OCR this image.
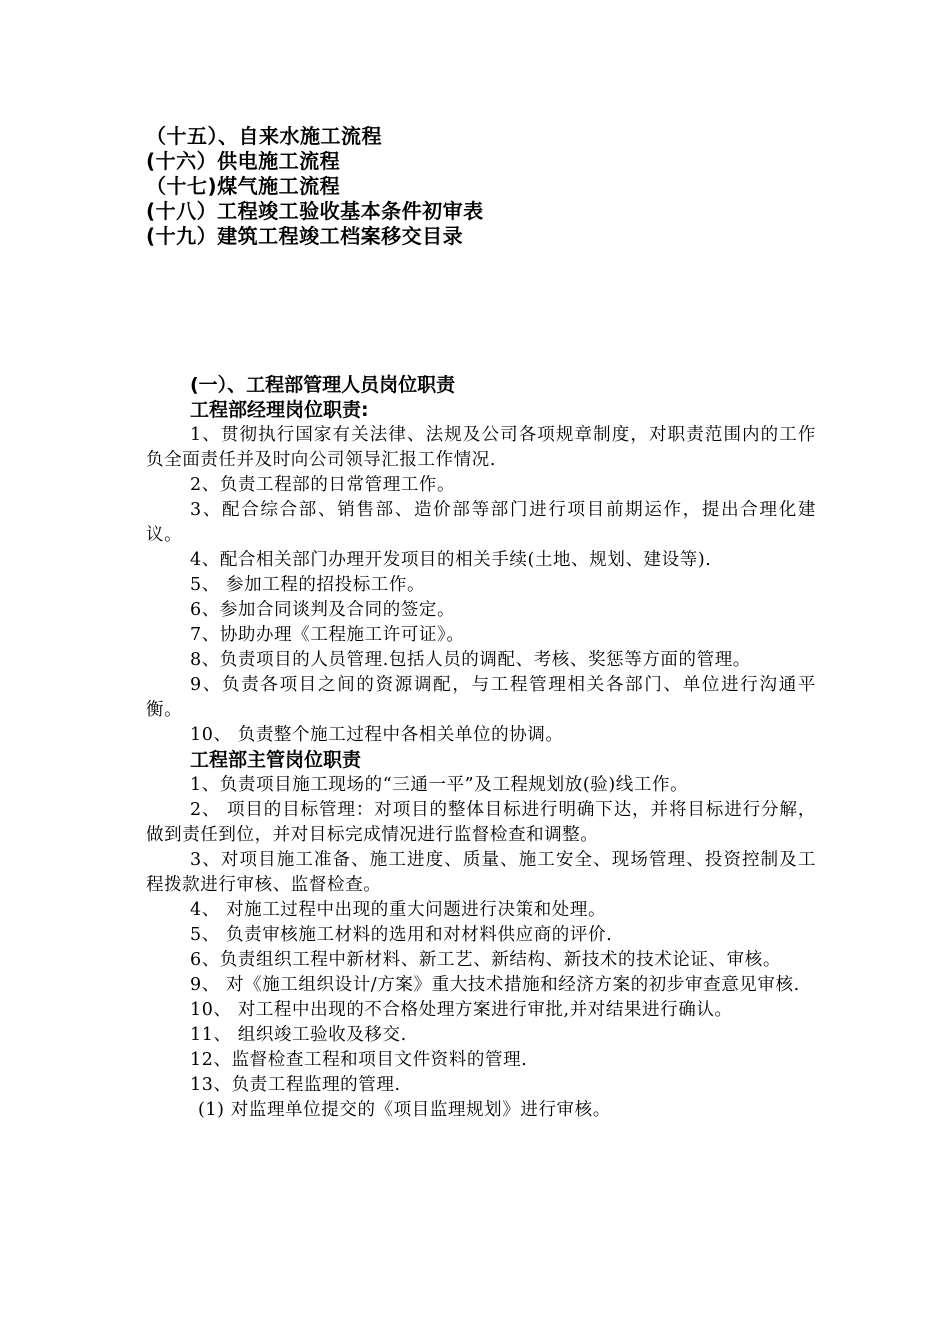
（十五）、自来水施工流程
(十六）供电施工流程
（十七)煤气施工流程
(十八）工程竣工验收基本条件初审表
(十九）建筑工程竣工档案移交目录
(一）、工程部管理人员岗位职责
工程部经理岗位职责:

1、贯彻执行国家有关法律、法规及公司各项规章制度，对职责范围内的工作负全面责任并及时向公司领导汇报工作情况.

2、负责工程部的日常管理工作。

3、配合综合部、销售部、造价部等部门进行项目前期运作，提出合理化建议。

4、配合相关部门办理开发项目的相关手续(土地、规划、建设等).

5、 参加工程的招投标工作。

6、参加合同谈判及合同的签定。

7、协助办理《工程施工许可证》。

8、负责项目的人员管理.包括人员的调配、考核、奖惩等方面的管理。

9、负责各项目之间的资源调配，与工程管理相关各部门、单位进行沟通平衡。

10、 负责整个施工过程中各相关单位的协调。

工程部主管岗位职责

1、负责项目施工现场的“三通一平”及工程规划放(验)线工作。

2、 项目的目标管理：对项目的整体目标进行明确下达，并将目标进行分解，做到责任到位，并对目标完成情况进行监督检查和调整。

3、对项目施工准备、施工进度、质量、施工安全、现场管理、投资控制及工程拨款进行审核、监督检查。

4、 对施工过程中出现的重大问题进行决策和处理。

5、 负责审核施工材料的选用和对材料供应商的评价.

6、负责组织工程中新材料、新工艺、新结构、新技术的技术论证、审核。

9、 对《施工组织设计/方案》重大技术措施和经济方案的初步审查意见审核.

10、 对工程中出现的不合格处理方案进行审批,并对结果进行确认。

11、 组织竣工验收及移交.

12、监督检查工程和项目文件资料的管理.

13、负责工程监理的管理.

(1) 对监理单位提交的《项目监理规划》进行审核。
